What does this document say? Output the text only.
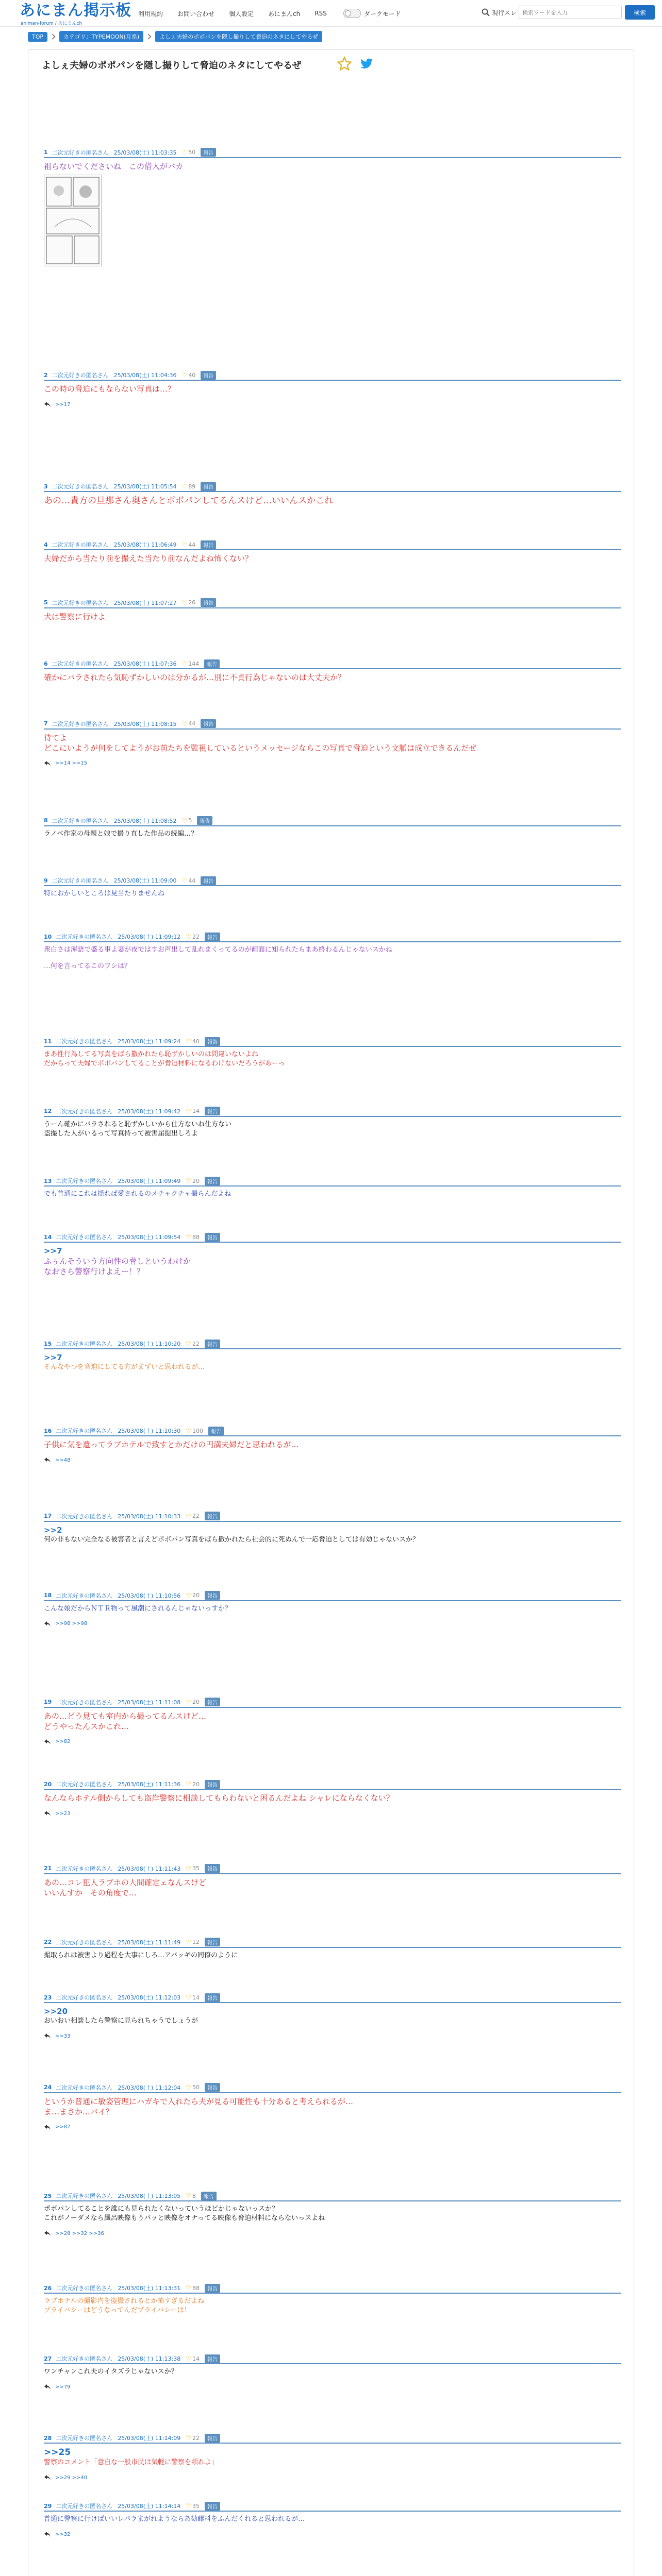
あにまん掲示板
animan-forum / あにまんch
利用規約 お問い合わせ 個人設定 あにまんch RSS	ダークモード	現行スレ
検索ワードを入力	検索
TOP	カテゴリ：TYPEMOON(月系)	よしぇ夫婦のポボパンを隠し撮りして脅迫のネタにしてやるぜ
よしぇ夫婦のポポパンを隠し撮りして脅迫のネタにしてやるぜ
1 二次元好きの匿名さん 25/03/08(土) 11:03:35 ♡ 50	報告
祖らないでくださいね　この借入がバカ
2 二次元好きの匿名さん 25/03/08(土) 11:04:36 ♡ 40	報告
この時の脅迫にもならない写真は…？
>>17
3 二次元好きの匿名さん 25/03/08(土) 11:05:54 ♡ 89	報告
あの…貴方の旦那さん奥さんとポボパンしてるんスけど…いいんスかこれ
4 二次元好きの匿名さん 25/03/08(土) 11:06:49 ♡ 44	報告
夫婦だから当たり前を撮えた当たり前なんだよね怖くない？
5 二次元好きの匿名さん 25/03/08(土) 11:07:27 ♡ 26	報告
犬は警察に行けよ
6 二次元好きの匿名さん 25/03/08(土) 11:07:36 ♡ 144	報告
確かにバラされたら気恥ずかしいのは分かるが…別に不貞行為じゃないのは大丈夫か？
7 二次元好きの匿名さん 25/03/08(土) 11:08:15 ♡ 44	報告
待てよ
どこにいようが何をしてようがお前たちを監視しているというメッセージならこの写真で脅迫という文脈は成立できるんだぜ
>>14 >>15
8 二次元好きの匿名さん 25/03/08(土) 11:08:52 ♡ 5	報告
ラノベ作家の母親と娘で撮り直した作品の続編…？
9 二次元好きの匿名さん 25/03/08(土) 11:09:00 ♡ 44	報告
特におかしいところは見当たりませんね
10 二次元好きの匿名さん 25/03/08(土) 11:09:12 ♡ 22	報告
衆白さは渾語で盛る事よ妻が夜ではすお声出して乱れまくってるのが画面に知られたらまあ終わるんじゃないスかね
…何を言ってるこのワシは？
11 二次元好きの匿名さん 25/03/08(土) 11:09:24 ♡ 40	報告
まあ性行為してる写真をばら撒かれたら恥ずかしいのは間違いないよね
だからって夫婦でポボパンしてることが脅迫材料になるわけないだろうがあーっ
12 二次元好きの匿名さん 25/03/08(土) 11:09:42 ♡ 14	報告
うーん確かにバラされると恥ずかしいから仕方ないね仕方ない
盗撮した人がいるって写真持って被害届提出しろよ
13 二次元好きの匿名さん 25/03/08(土) 11:09:49 ♡ 20	報告
でも普通にこれは揺れば愛されるのメチャクチャ撮らんだよね
14 二次元好きの匿名さん 25/03/08(土) 11:09:54 ♡ 88	報告
>>7
ふぅんそういう方向性の脅しというわけか
なおさら警察行けよえー！？
15 二次元好きの匿名さん 25/03/08(土) 11:10:20 ♡ 22	報告
>>7
そんなやつを脅迫にしてる方がまずいと思われるが…
16 二次元好きの匿名さん 25/03/08(土) 11:10:30 ♡ 100	報告
子供に気を遣ってラブホテルで致すとかだけの円満夫婦だと思われるが…
>>48
17 二次元好きの匿名さん 25/03/08(土) 11:10:33 ♡ 22	報告
>>2
何の非もない完全なる被害者と言えどポボパン写真をばら撒かれたら社会的に死ぬんで一応脅迫としては有効じゃないスか？
18 二次元好きの匿名さん 25/03/08(土) 11:10:56 ♡ 20	報告
こんな娘だからＮＴＲ物って風潮にされるんじゃないっすか？
>>98 >>98
19 二次元好きの匿名さん 25/03/08(土) 11:11:08 ♡ 20	報告
あの…どう見ても室内から撮ってるんスけど…
どうやったんスかこれ…
>>82
20 二次元好きの匿名さん 25/03/08(土) 11:11:36 ♡ 20	報告
なんならホテル側からしても盗岸警察に相談してもらわないと困るんだよね シャレにならなくない？
>>23
21 二次元好きの匿名さん 25/03/08(土) 11:11:43 ♡ 35	報告
あの…コレ犯人ラブホの人間確定ェなんスけど
いいんすか　その角度で…
22 二次元好きの匿名さん 25/03/08(土) 11:11:49 ♡ 12	報告
撮取られは被害より過程を大事にしろ…アバッギの同僚のように
23 二次元好きの匿名さん 25/03/08(土) 11:12:03 ♡ 14	報告
>>20
おいおい相談したら警察に見られちゃうでしょうが
>>33
24 二次元好きの匿名さん 25/03/08(土) 11:12:04 ♡ 50	報告
というか普通に敏姿管理にハガキで入れたら夫が見る可能性も十分あると考えられるが…
ま…まさか…バイ？
>>87
25 二次元好きの匿名さん 25/03/08(土) 11:13:05 ♡ 8	報告
ポボパンしてることを誰にも見られたくないっていうほどかじゃないっスか？
これがノーダメなら風呂映像もうバッと映像をオナってる映像も脅迫材料にならないっスよね
>>28 >>32 >>36
26 二次元好きの匿名さん 25/03/08(土) 11:13:31 ♡ 88	報告
ラブホテルの撮影内を盗撮されるとか怖すぎるだよね
プライバシーはどうなってんだプライバシーは！
27 二次元好きの匿名さん 25/03/08(土) 11:13:38 ♡ 14	報告
ワンチャンこれ夫のイタズラじゃないスか？
>>79
28 二次元好きの匿名さん 25/03/08(土) 11:14:09 ♡ 22	報告
>>25
警察のコメント「意自な一般市民は気軽に警察を頼れよ」
>>29 >>40
29 二次元好きの匿名さん 25/03/08(土) 11:14:14 ♡ 35	報告
普通に警察に行けばいいレパラまがれようならあ勧醸料をふんだくれると思われるが…
>>32
